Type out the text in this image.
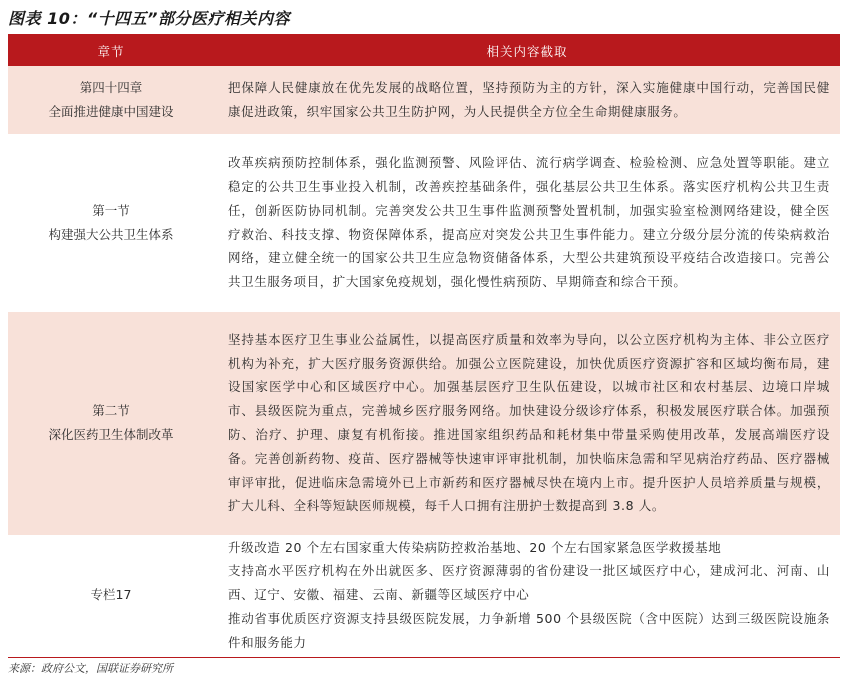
图表 10：“十四五”部分医疗相关内容
章节	相关内容截取

第四十四章
全面推进健康中国建设	把保障人民健康放在优先发展的战略位置，坚持预防为主的方针，深入实施健康中国行动，完善国民健康促进政策，织牢国家公共卫生防护网，为人民提供全方位全生命期健康服务。

第一节
构建强大公共卫生体系	改革疾病预防控制体系，强化监测预警、风险评估、流行病学调查、检验检测、应急处置等职能。建立稳定的公共卫生事业投入机制，改善疾控基础条件，强化基层公共卫生体系。落实医疗机构公共卫生责任，创新医防协同机制。完善突发公共卫生事件监测预警处置机制，加强实验室检测网络建设，健全医疗救治、科技支撑、物资保障体系，提高应对突发公共卫生事件能力。建立分级分层分流的传染病救治网络，建立健全统一的国家公共卫生应急物资储备体系，大型公共建筑预设平疫结合改造接口。完善公共卫生服务项目，扩大国家免疫规划，强化慢性病预防、早期筛查和综合干预。

第二节
深化医药卫生体制改革	坚持基本医疗卫生事业公益属性，以提高医疗质量和效率为导向，以公立医疗机构为主体、非公立医疗机构为补充，扩大医疗服务资源供给。加强公立医院建设，加快优质医疗资源扩容和区域均衡布局，建设国家医学中心和区域医疗中心。加强基层医疗卫生队伍建设，以城市社区和农村基层、边境口岸城市、县级医院为重点，完善城乡医疗服务网络。加快建设分级诊疗体系，积极发展医疗联合体。加强预防、治疗、护理、康复有机衔接。推进国家组织药品和耗材集中带量采购使用改革，发展高端医疗设备。完善创新药物、疫苗、医疗器械等快速审评审批机制，加快临床急需和罕见病治疗药品、医疗器械审评审批，促进临床急需境外已上市新药和医疗器械尽快在境内上市。提升医护人员培养质量与规模，扩大儿科、全科等短缺医师规模，每千人口拥有注册护士数提高到 3.8 人。

专栏17	升级改造 20 个左右国家重大传染病防控救治基地、20 个左右国家紧急医学救援基地
支持高水平医疗机构在外出就医多、医疗资源薄弱的省份建设一批区域医疗中心，建成河北、河南、山西、辽宁、安徽、福建、云南、新疆等区域医疗中心
推动省事优质医疗资源支持县级医院发展，力争新增 500 个县级医院（含中医院）达到三级医院设施条件和服务能力
来源：政府公文，国联证券研究所
